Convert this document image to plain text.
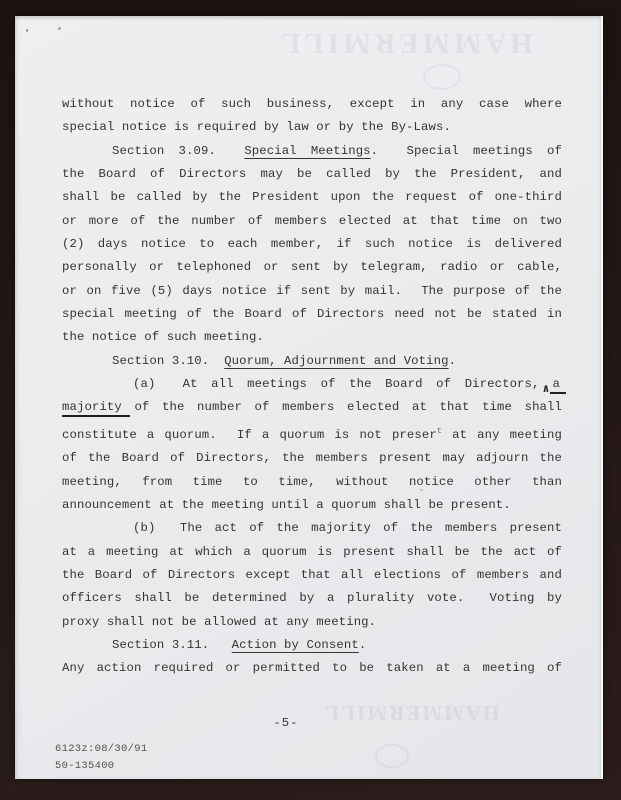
HAMMERMILL
HAMMERMILL
without notice of such business, except in any case where
special notice is required by law or by the By-Laws.
Section 3.09.  Special Meetings.  Special meetings of
the Board of Directors may be called by the President, and
shall be called by the President upon the request of one-third
or more of the number of members elected at that time on two
(2) days notice to each member, if such notice is delivered
personally or telephoned or sent by telegram, radio or cable,
or on five (5) days notice if sent by mail.  The purpose of the
special meeting of the Board of Directors need not be stated in
the notice of such meeting.
Section 3.10.  Quorum, Adjournment and Voting.
(a)  At all meetings of the Board of Directors, ∧ a
majority of the number of members elected at that time shall
constitute a quorum.  If a quorum is not preser$^t$ at any meeting
of the Board of Directors, the members present may adjourn the
meeting, from time to time, without notice other than
announcement at the meeting until a quorum shall be present.
(b)  The act of the majority of the members present
at a meeting at which a quorum is present shall be the act of
the Board of Directors except that all elections of members and
officers shall be determined by a plurality vote.  Voting by
proxy shall not be allowed at any meeting.
Section 3.11.   Action by Consent.
Any action required or permitted to be taken at a meeting of
-5-
6123z:08/30/91
50-135400
